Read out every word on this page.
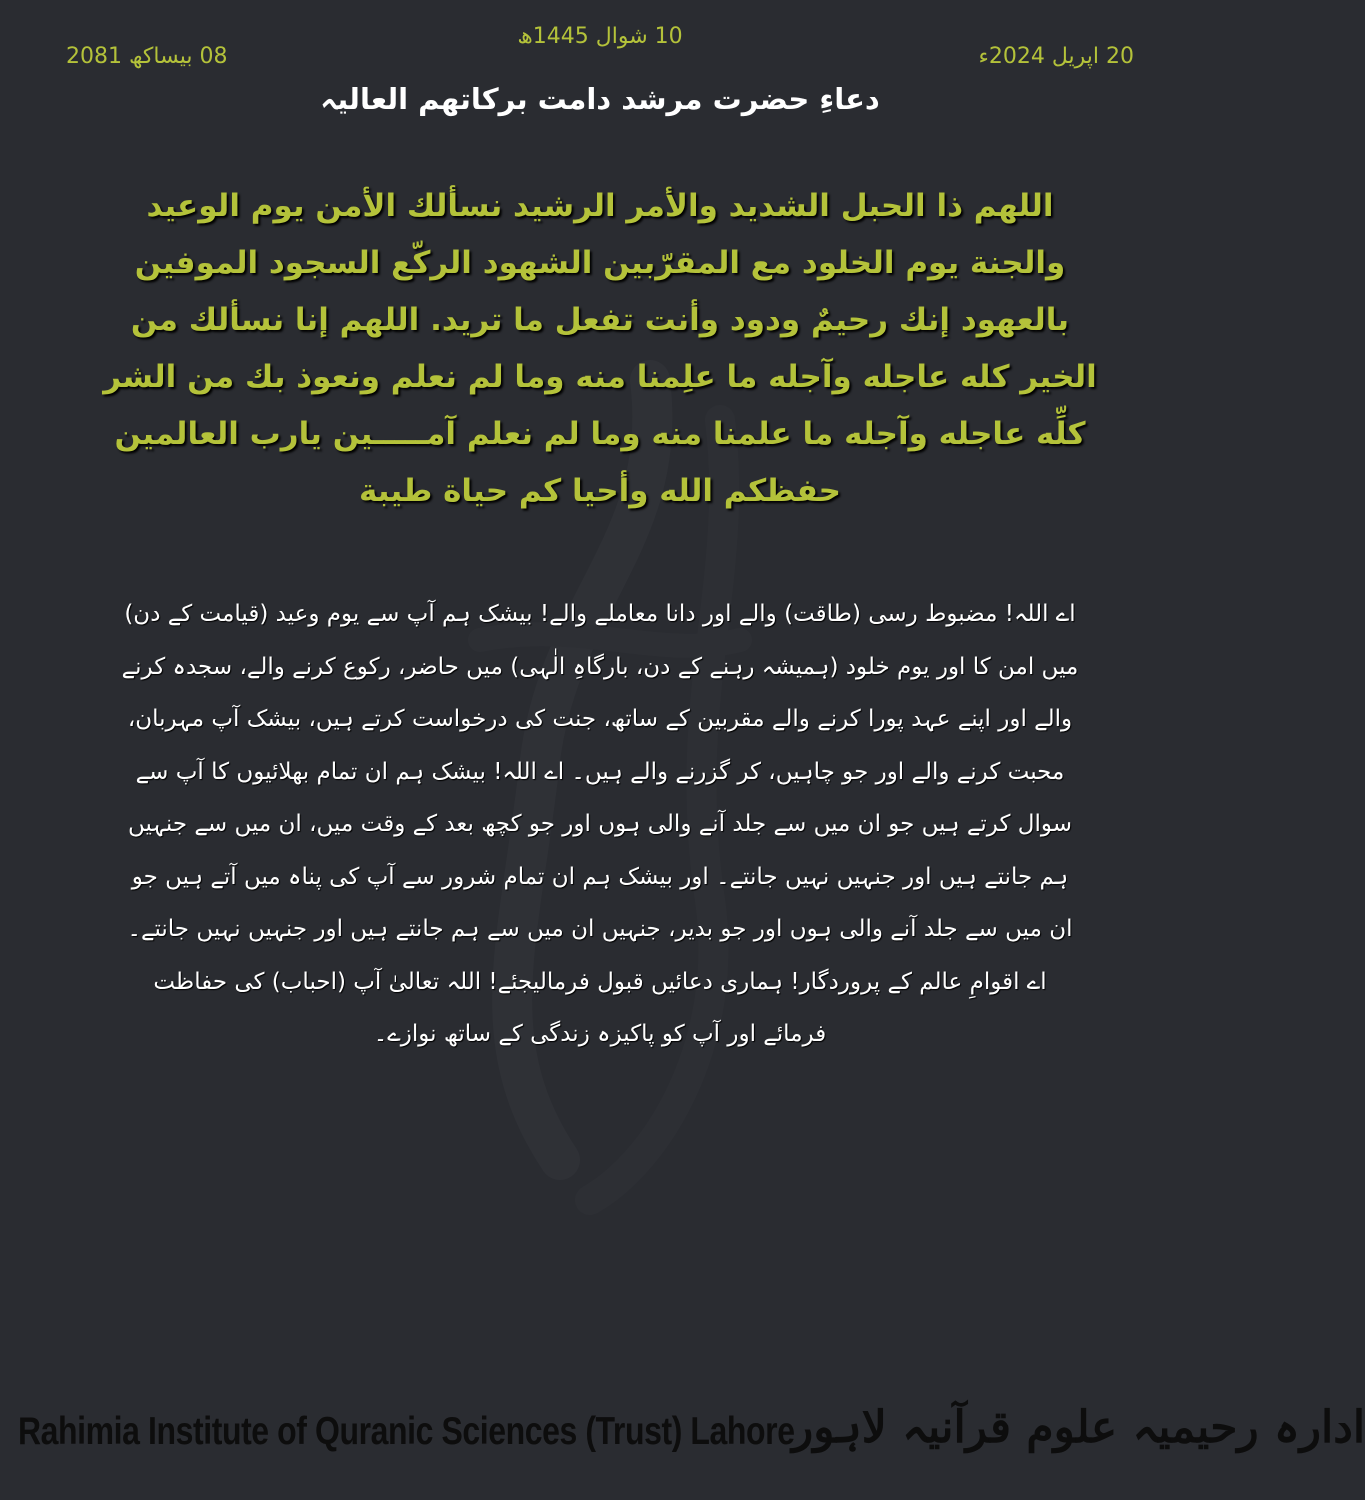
08 بیساکھ 2081
10 شوال 1445ھ
20 اپریل 2024ء
دعاءِ حضرت مرشد دامت برکاتھم العالیہ
اللهم ذا الحبل الشديد والأمر الرشيد نسألك الأمن يوم الوعيد والجنة يوم الخلود مع المقرّبين الشهود الركّع السجود الموفين بالعهود إنك رحيمٌ ودود وأنت تفعل ما تريد. اللهم إنا نسألك من الخير كله عاجله وآجله ما علِمنا منه وما لم نعلم ونعوذ بك من الشر كلِّه عاجله وآجله ما علمنا منه وما لم نعلم آمـــــين يارب العالمين حفظكم الله وأحيا كم حياة طيبة
اے اللہ! مضبوط رسی (طاقت) والے اور دانا معاملے والے! بیشک ہم آپ سے یوم وعید (قیامت کے دن) میں امن کا اور یوم خلود (ہمیشہ رہنے کے دن، بارگاہِ الٰہی) میں حاضر، رکوع کرنے والے، سجدہ کرنے والے اور اپنے عہد پورا کرنے والے مقربین کے ساتھ، جنت کی درخواست کرتے ہیں، بیشک آپ مہربان، محبت کرنے والے اور جو چاہیں، کر گزرنے والے ہیں۔ اے اللہ! بیشک ہم ان تمام بھلائیوں کا آپ سے سوال کرتے ہیں جو ان میں سے جلد آنے والی ہوں اور جو کچھ بعد کے وقت میں، ان میں سے جنہیں ہم جانتے ہیں اور جنہیں نہیں جانتے۔ اور بیشک ہم ان تمام شرور سے آپ کی پناہ میں آتے ہیں جو ان میں سے جلد آنے والی ہوں اور جو بدیر، جنہیں ان میں سے ہم جانتے ہیں اور جنہیں نہیں جانتے۔ اے اقوامِ عالم کے پروردگار! ہماری دعائیں قبول فرمالیجئے! اللہ تعالیٰ آپ (احباب) کی حفاظت فرمائے اور آپ کو پاکیزہ زندگی کے ساتھ نوازے۔
Rahimia Institute of Quranic Sciences (Trust) Lahore
ادارہ رحیمیہ علوم قرآنیہ لاہور
